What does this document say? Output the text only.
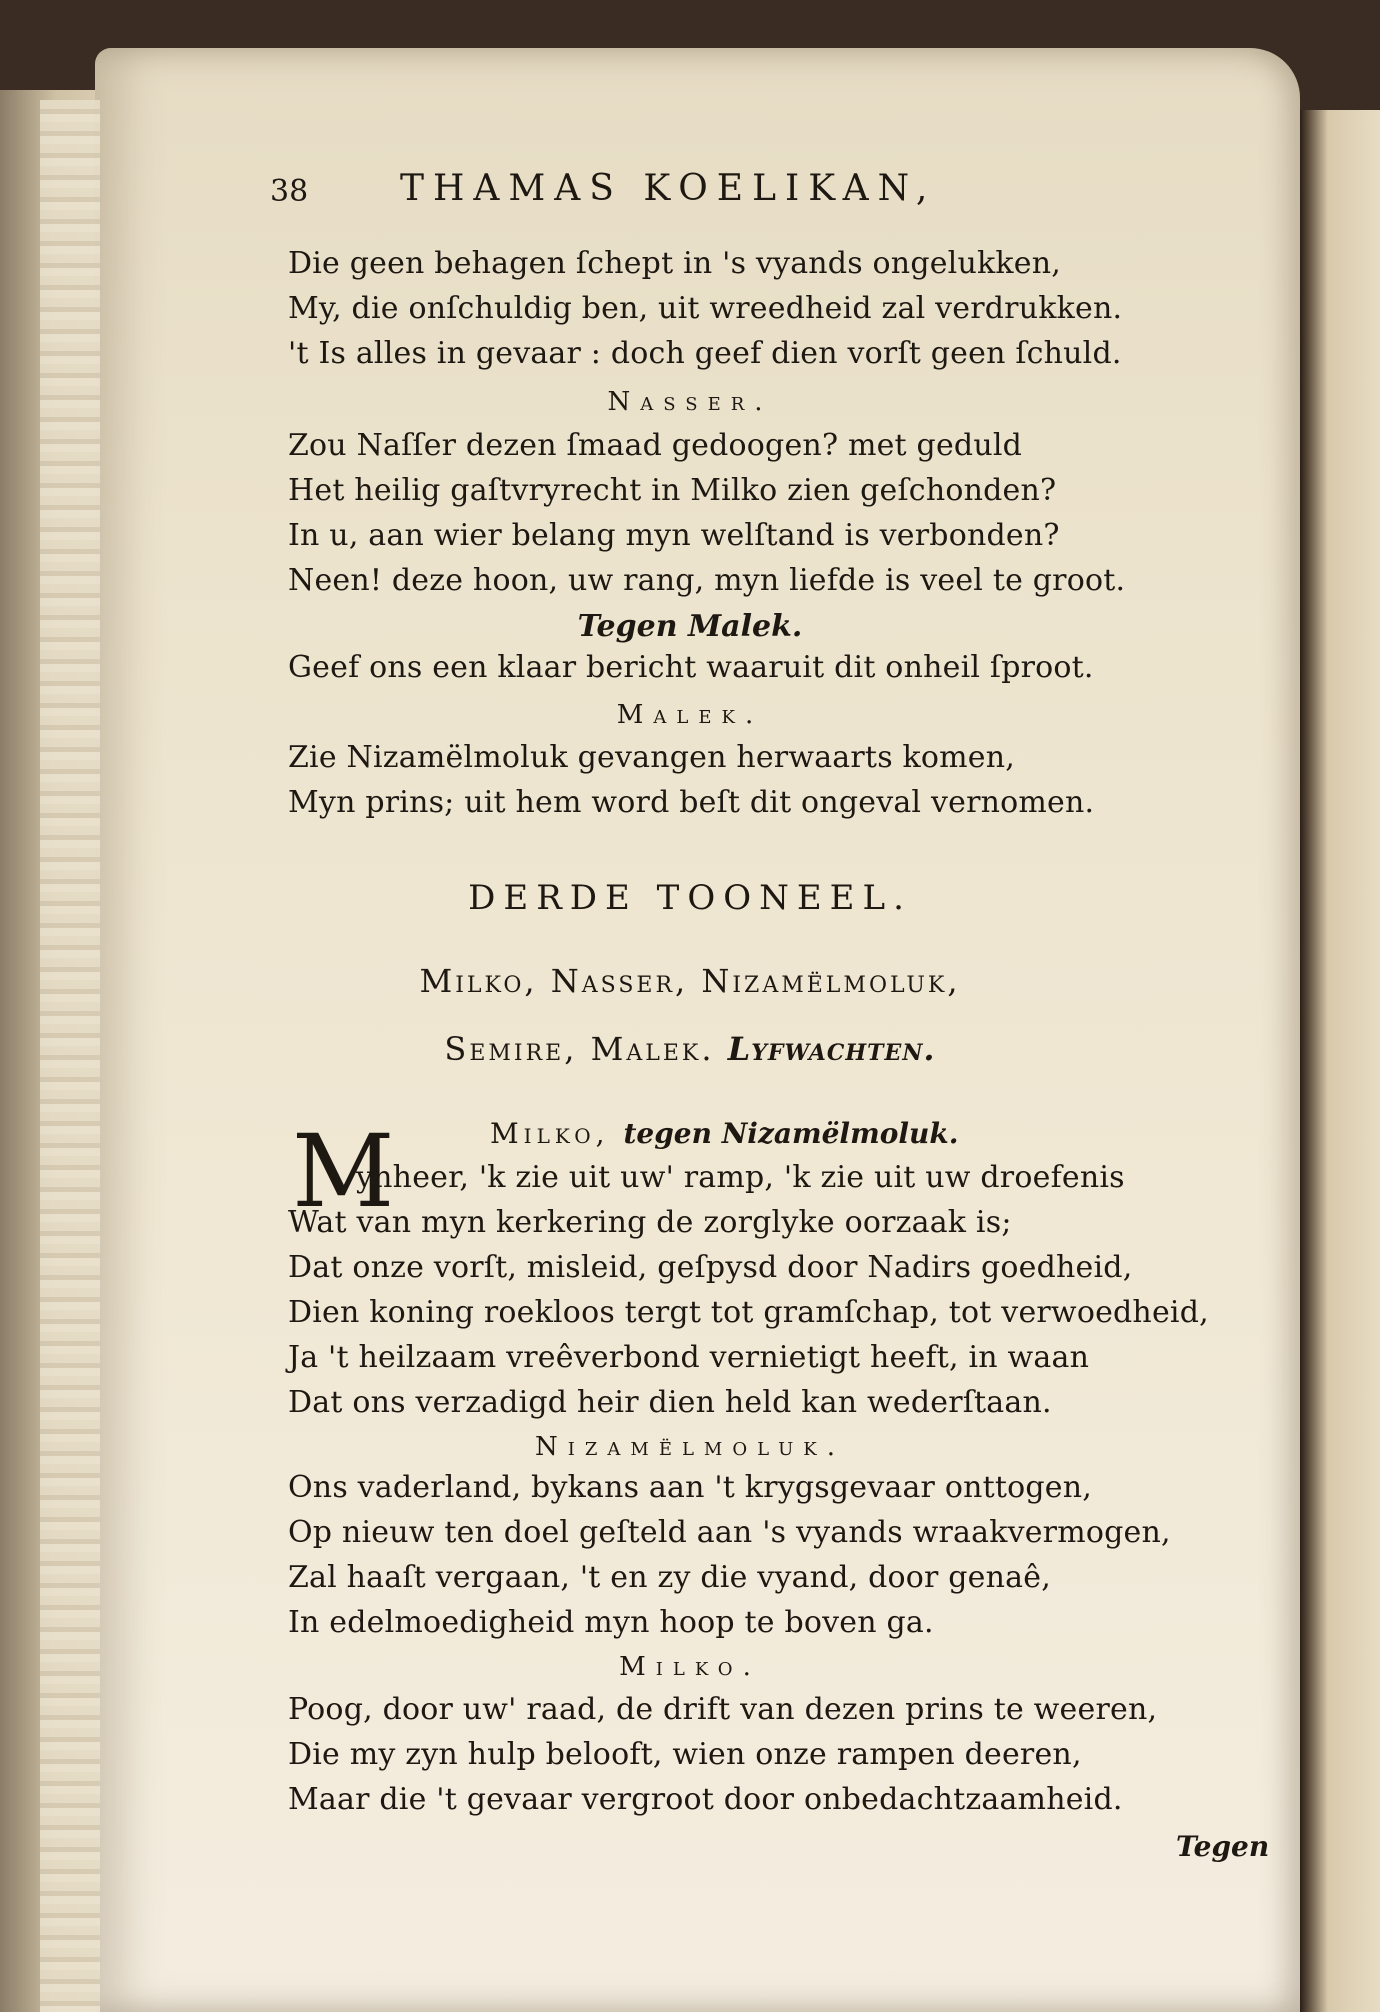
38	THAMAS KOELIKAN,
Die geen behagen ſchept in 's vyands ongelukken,
My, die onſchuldig ben, uit wreedheid zal verdrukken.
't Is alles in gevaar : doch geef dien vorſt geen ſchuld.
Nasser.
Zou Naſſer dezen ſmaad gedoogen? met geduld
Het heilig gaſtvryrecht in Milko zien geſchonden?
In u, aan wier belang myn welſtand is verbonden?
Neen! deze hoon, uw rang, myn liefde is veel te groot.
Tegen Malek.
Geef ons een klaar bericht waaruit dit onheil ſproot.
Malek.
Zie Nizamëlmoluk gevangen herwaarts komen,
Myn prins; uit hem word beſt dit ongeval vernomen.
DERDE TOONEEL.
Milko, Nasser, Nizamëlmoluk,
Semire, Malek. Lyfwachten.
M	Milko, tegen Nizamëlmoluk.
ynheer, 'k zie uit uw' ramp, 'k zie uit uw droefenis
Wat van myn kerkering de zorglyke oorzaak is;
Dat onze vorſt, misleid, geſpysd door Nadirs goedheid,
Dien koning roekloos tergt tot gramſchap, tot verwoedheid,
Ja 't heilzaam vreêverbond vernietigt heeft, in waan
Dat ons verzadigd heir dien held kan wederſtaan.
Nizamëlmoluk.
Ons vaderland, bykans aan 't krygsgevaar onttogen,
Op nieuw ten doel geſteld aan 's vyands wraakvermogen,
Zal haaſt vergaan, 't en zy die vyand, door genaê,
In edelmoedigheid myn hoop te boven ga.
Milko.
Poog, door uw' raad, de drift van dezen prins te weeren,
Die my zyn hulp belooft, wien onze rampen deeren,
Maar die 't gevaar vergroot door onbedachtzaamheid.
Tegen
